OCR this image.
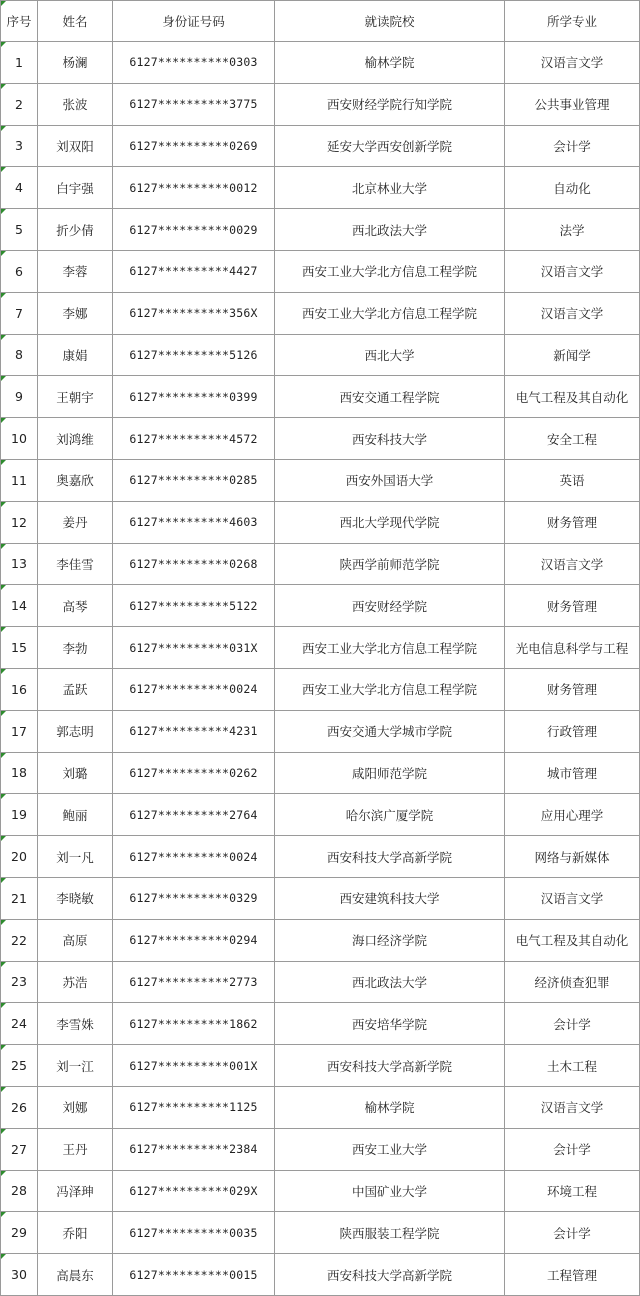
序号	姓名	身份证号码	就读院校	所学专业
1	杨澜	6127**********0303	榆林学院	汉语言文学
2	张波	6127**********3775	西安财经学院行知学院	公共事业管理
3	刘双阳	6127**********0269	延安大学西安创新学院	会计学
4	白宇强	6127**********0012	北京林业大学	自动化
5	折少倩	6127**********0029	西北政法大学	法学
6	李蓉	6127**********4427	西安工业大学北方信息工程学院	汉语言文学
7	李娜	6127**********356X	西安工业大学北方信息工程学院	汉语言文学
8	康娟	6127**********5126	西北大学	新闻学
9	王朝宇	6127**********0399	西安交通工程学院	电气工程及其自动化
10	刘鸿维	6127**********4572	西安科技大学	安全工程
11	奥嘉欣	6127**********0285	西安外国语大学	英语
12	姜丹	6127**********4603	西北大学现代学院	财务管理
13	李佳雪	6127**********0268	陕西学前师范学院	汉语言文学
14	高琴	6127**********5122	西安财经学院	财务管理
15	李勃	6127**********031X	西安工业大学北方信息工程学院	光电信息科学与工程
16	孟跃	6127**********0024	西安工业大学北方信息工程学院	财务管理
17	郭志明	6127**********4231	西安交通大学城市学院	行政管理
18	刘璐	6127**********0262	咸阳师范学院	城市管理
19	鲍丽	6127**********2764	哈尔滨广厦学院	应用心理学
20	刘一凡	6127**********0024	西安科技大学高新学院	网络与新媒体
21	李晓敏	6127**********0329	西安建筑科技大学	汉语言文学
22	高原	6127**********0294	海口经济学院	电气工程及其自动化
23	苏浩	6127**********2773	西北政法大学	经济侦查犯罪
24	李雪姝	6127**********1862	西安培华学院	会计学
25	刘一江	6127**********001X	西安科技大学高新学院	土木工程
26	刘娜	6127**********1125	榆林学院	汉语言文学
27	王丹	6127**********2384	西安工业大学	会计学
28	冯泽珅	6127**********029X	中国矿业大学	环境工程
29	乔阳	6127**********0035	陕西服装工程学院	会计学
30	高晨东	6127**********0015	西安科技大学高新学院	工程管理
